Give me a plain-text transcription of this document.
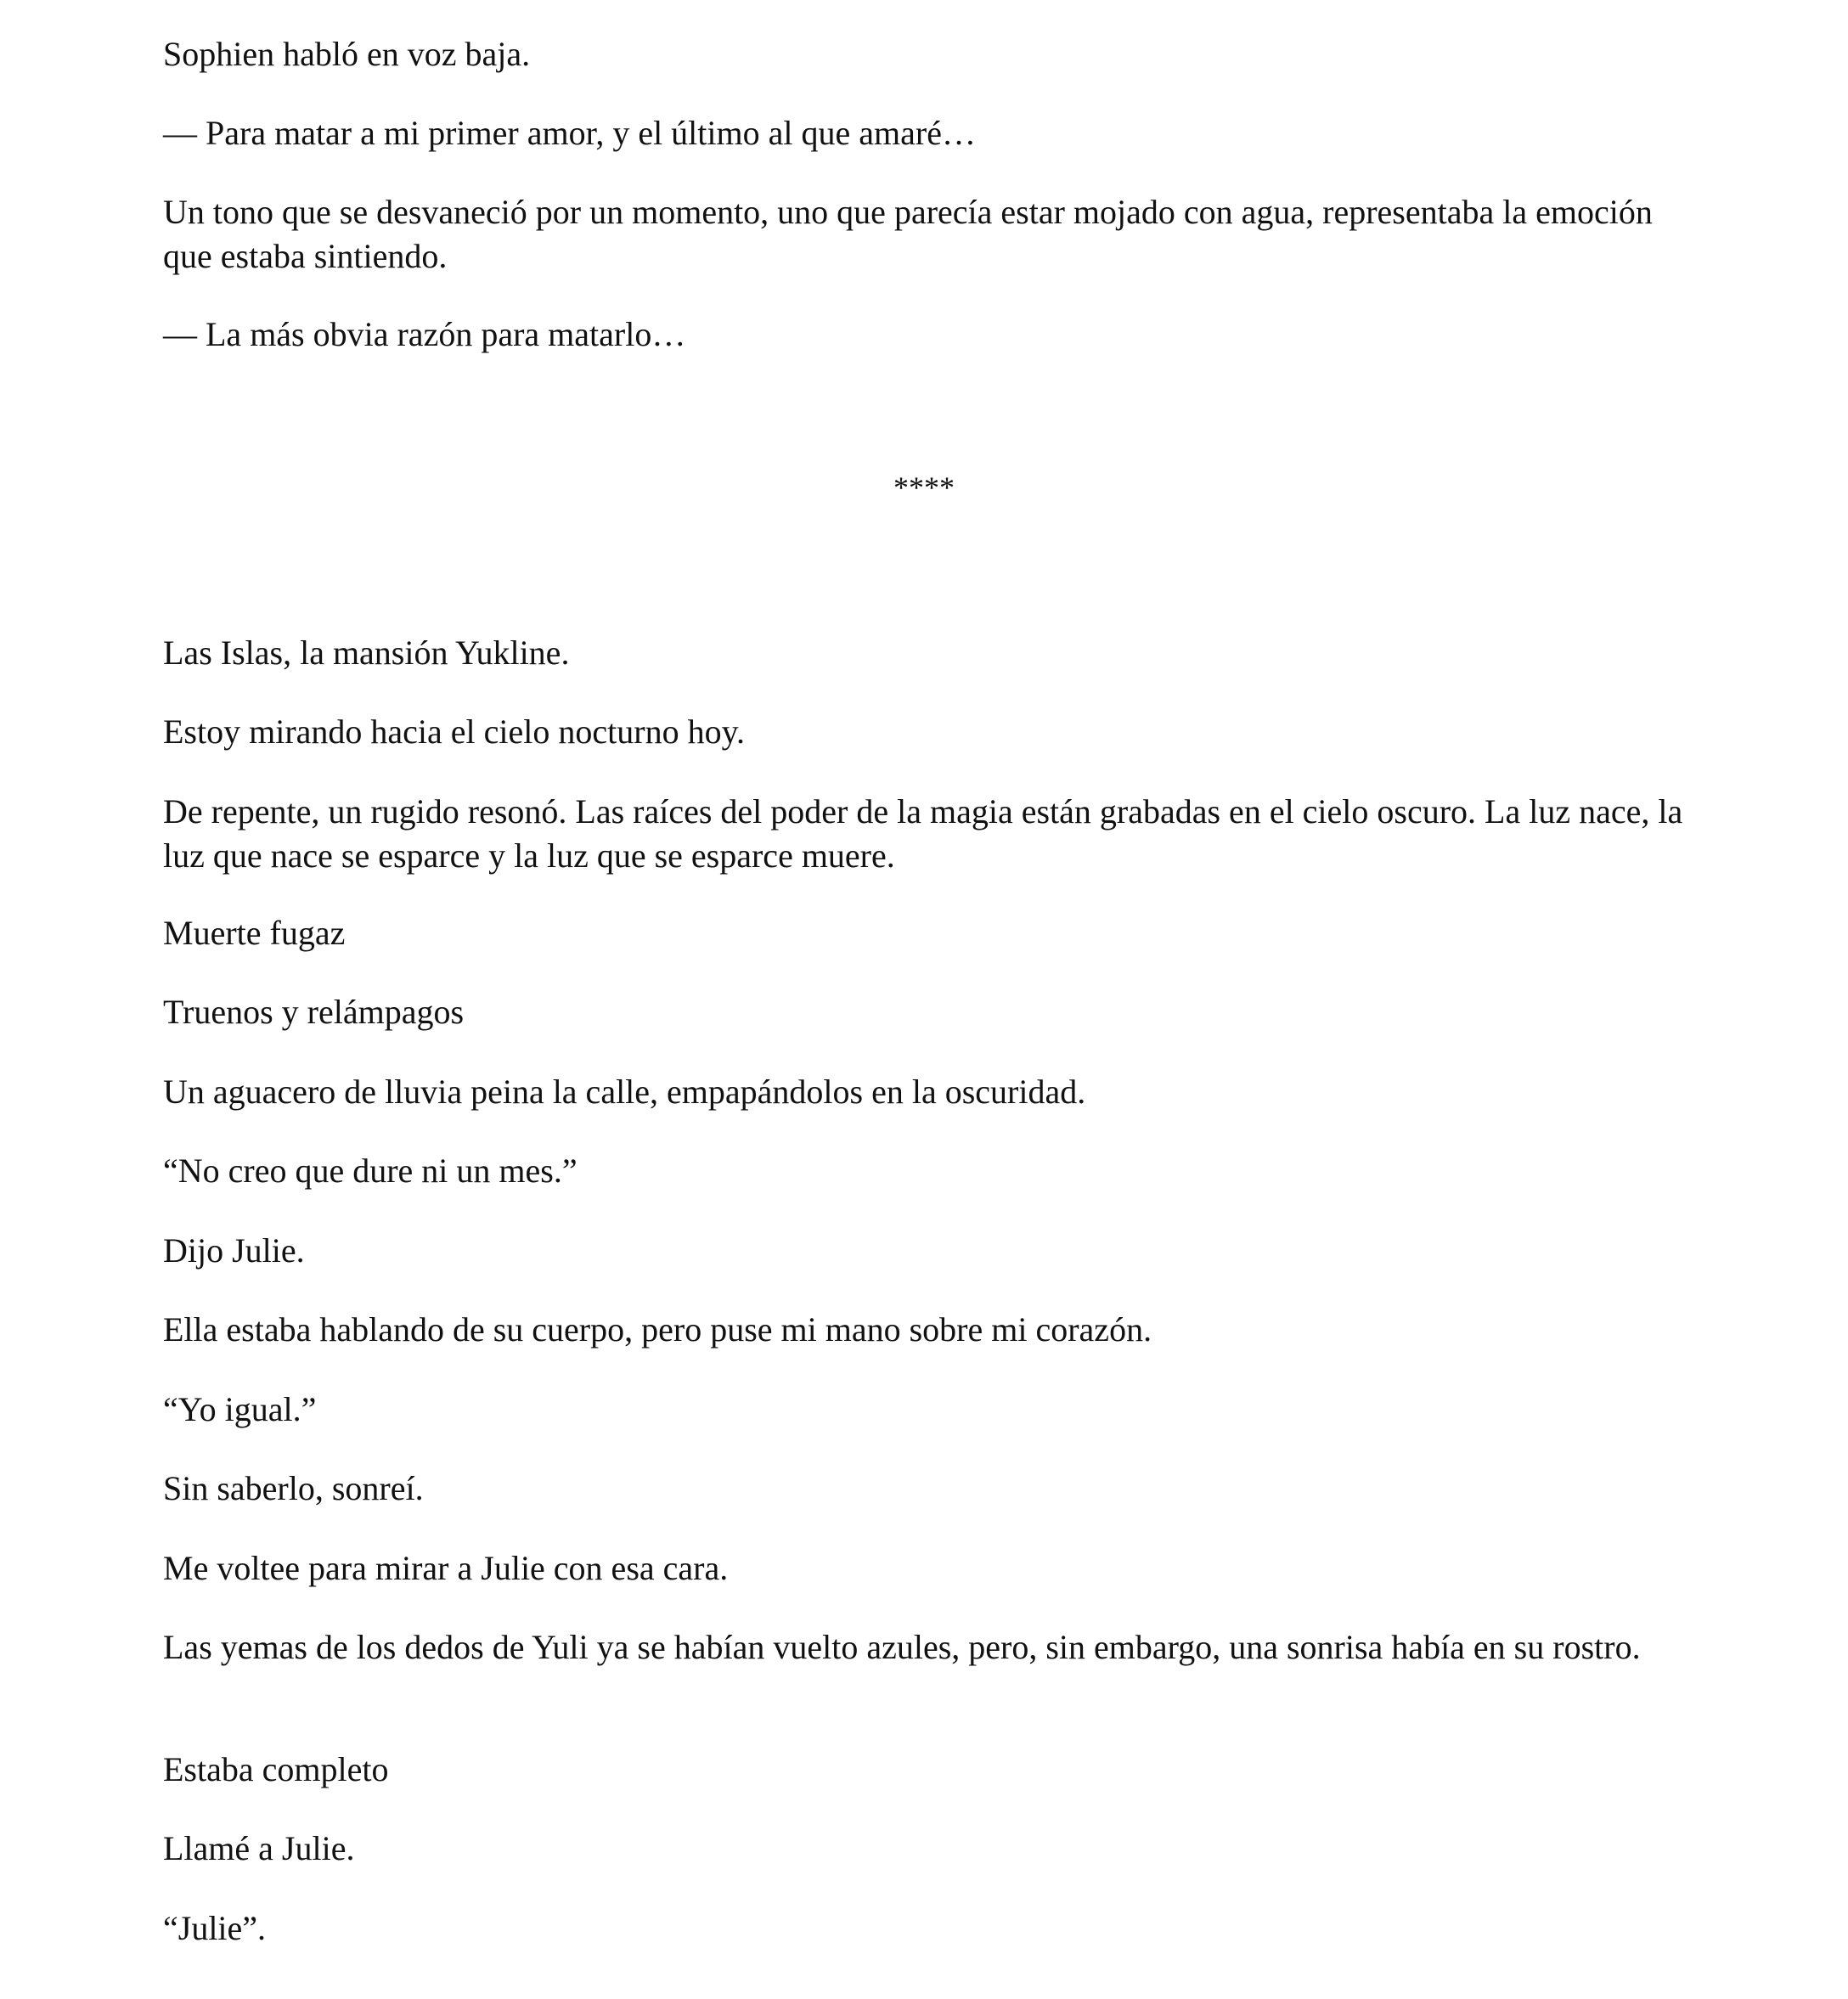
Sophien habló en voz baja.

— Para matar a mi primer amor, y el último al que amaré…

Un tono que se desvaneció por un momento, uno que parecía estar mojado con agua, representaba la emoción que estaba sintiendo.

— La más obvia razón para matarlo…

****

Las Islas, la mansión Yukline.

Estoy mirando hacia el cielo nocturno hoy.

De repente, un rugido resonó. Las raíces del poder de la magia están grabadas en el cielo oscuro. La luz nace, la luz que nace se esparce y la luz que se esparce muere.

Muerte fugaz

Truenos y relámpagos

Un aguacero de lluvia peina la calle, empapándolos en la oscuridad.

“No creo que dure ni un mes.”

Dijo Julie.

Ella estaba hablando de su cuerpo, pero puse mi mano sobre mi corazón.

“Yo igual.”

Sin saberlo, sonreí.

Me voltee para mirar a Julie con esa cara.

Las yemas de los dedos de Yuli ya se habían vuelto azules, pero, sin embargo, una sonrisa había en su rostro.

Estaba completo

Llamé a Julie.

“Julie”.
